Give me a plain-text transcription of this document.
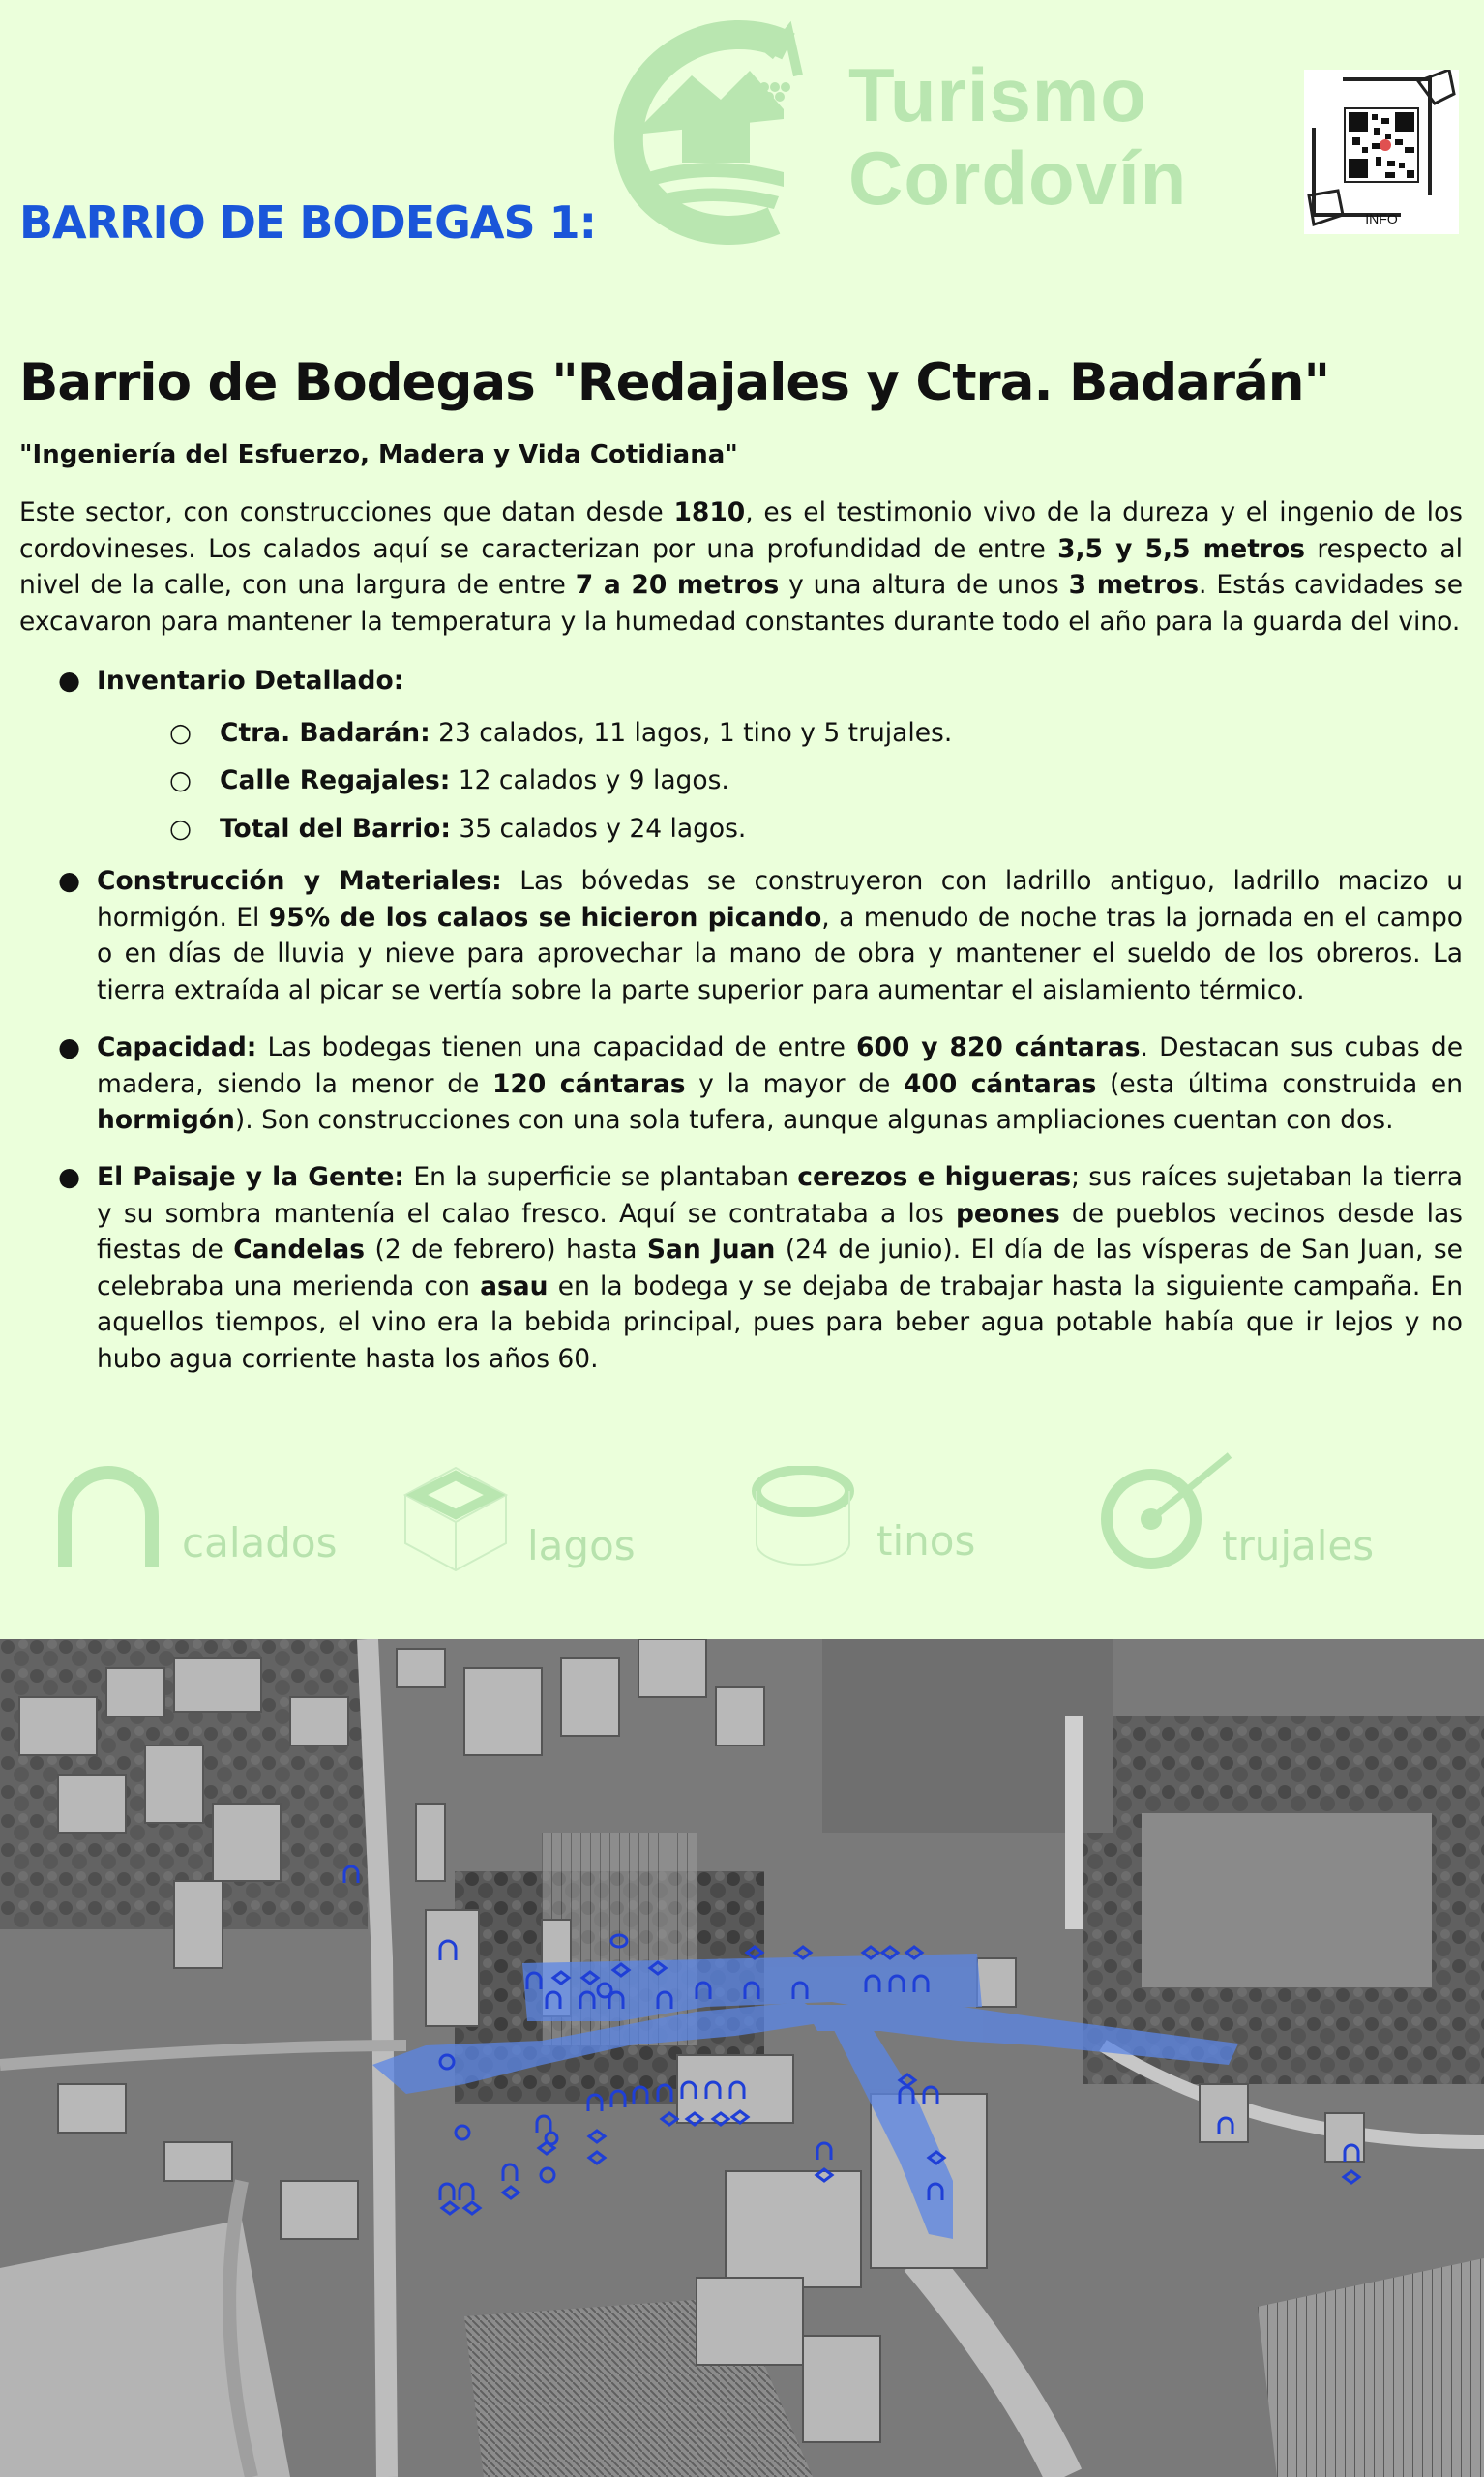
Turismo
Cordovín	INFO
BARRIO DE BODEGAS 1:
Barrio de Bodegas "Redajales y Ctra. Badarán"
"Ingeniería del Esfuerzo, Madera y Vida Cotidiana"
Este sector, con construcciones que datan desde 1810, es el testimonio vivo de la dureza y el ingenio de los cordovineses. Los calados aquí se caracterizan por una profundidad de entre 3,5 y 5,5 metros respecto al nivel de la calle, con una largura de entre 7 a 20 metros y una altura de unos 3 metros. Estás cavidades se excavaron para mantener la temperatura y la humedad constantes durante todo el año para la guarda del vino.
● Inventario Detallado:
○ Ctra. Badarán: 23 calados, 11 lagos, 1 tino y 5 trujales.
○ Calle Regajales: 12 calados y 9 lagos.
○ Total del Barrio: 35 calados y 24 lagos.
● Construcción y Materiales: Las bóvedas se construyeron con ladrillo antiguo, ladrillo macizo u hormigón. El 95% de los calaos se hicieron picando, a menudo de noche tras la jornada en el campo o en días de lluvia y nieve para aprovechar la mano de obra y mantener el sueldo de los obreros. La tierra extraída al picar se vertía sobre la parte superior para aumentar el aislamiento térmico.
● Capacidad: Las bodegas tienen una capacidad de entre 600 y 820 cántaras. Destacan sus cubas de madera, siendo la menor de 120 cántaras y la mayor de 400 cántaras (esta última construida en hormigón). Son construcciones con una sola tufera, aunque algunas ampliaciones cuentan con dos.
● El Paisaje y la Gente: En la superficie se plantaban cerezos e higueras; sus raíces sujetaban la tierra y su sombra mantenía el calao fresco. Aquí se contrataba a los peones de pueblos vecinos desde las fiestas de Candelas (2 de febrero) hasta San Juan (24 de junio). El día de las vísperas de San Juan, se celebraba una merienda con asau en la bodega y se dejaba de trabajar hasta la siguiente campaña. En aquellos tiempos, el vino era la bebida principal, pues para beber agua potable había que ir lejos y no hubo agua corriente hasta los años 60.
calados	lagos	tinos	trujales
